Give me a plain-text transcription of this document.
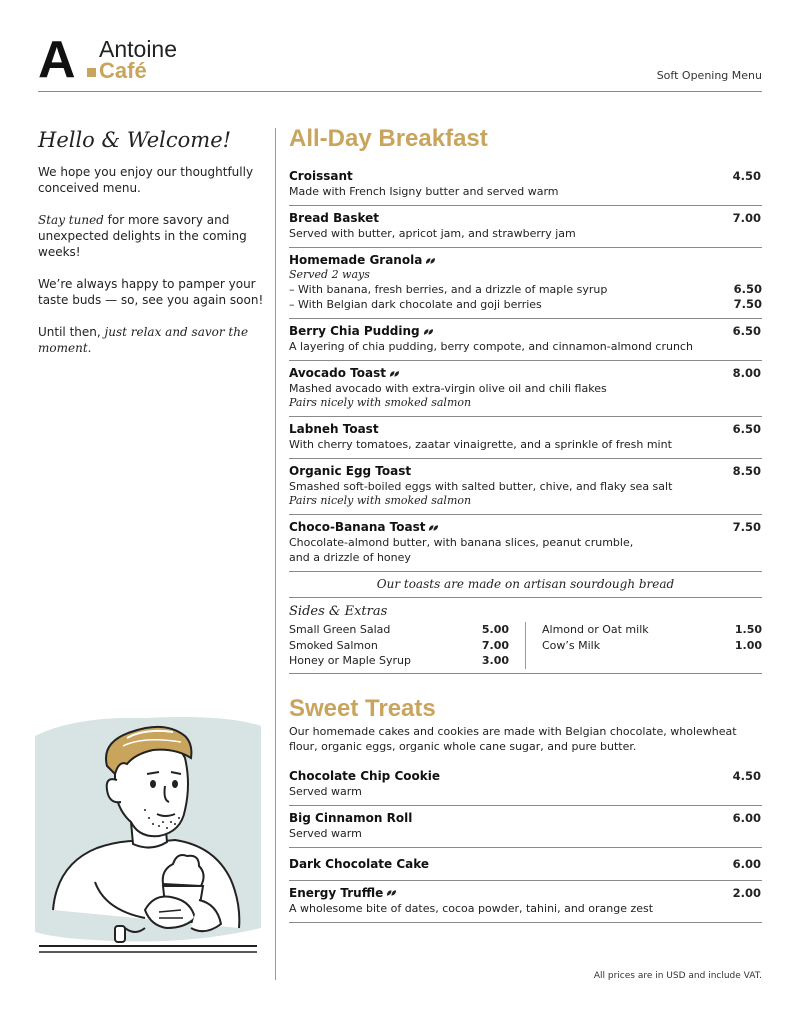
A Antoine
Café	Soft Opening Menu
Hello & Welcome!

We hope you enjoy our thoughtfully conceived menu.

Stay tuned for more savory and unexpected delights in the coming weeks!

We’re always happy to pamper your taste buds — so, see you again soon!

Until then, just relax and savor the moment.

All-Day Breakfast
Croissant	4.50
Made with French Isigny butter and served warm
Bread Basket	7.00
Served with butter, apricot jam, and strawberry jam
Homemade Granola
Served 2 ways
– With banana, fresh berries, and a drizzle of maple syrup	6.50
– With Belgian dark chocolate and goji berries	7.50
Berry Chia Pudding	6.50
A layering of chia pudding, berry compote, and cinnamon-almond crunch
Avocado Toast	8.00
Mashed avocado with extra-virgin olive oil and chili flakes
Pairs nicely with smoked salmon
Labneh Toast	6.50
With cherry tomatoes, zaatar vinaigrette, and a sprinkle of fresh mint
Organic Egg Toast	8.50
Smashed soft-boiled eggs with salted butter, chive, and flaky sea salt
Pairs nicely with smoked salmon
Choco-Banana Toast	7.50
Chocolate-almond butter, with banana slices, peanut crumble,
and a drizzle of honey
Our toasts are made on artisan sourdough bread
Sides & Extras
Small Green Salad	5.00
Smoked Salmon	7.00
Honey or Maple Syrup	3.00
Almond or Oat milk	1.50
Cow’s Milk	1.00
Sweet Treats
Our homemade cakes and cookies are made with Belgian chocolate, wholewheat flour, organic eggs, organic whole cane sugar, and pure butter.
Chocolate Chip Cookie	4.50
Served warm
Big Cinnamon Roll	6.00
Served warm
Dark Chocolate Cake	6.00
Energy Truffle	2.00
A wholesome bite of dates, cocoa powder, tahini, and orange zest
All prices are in USD and include VAT.
